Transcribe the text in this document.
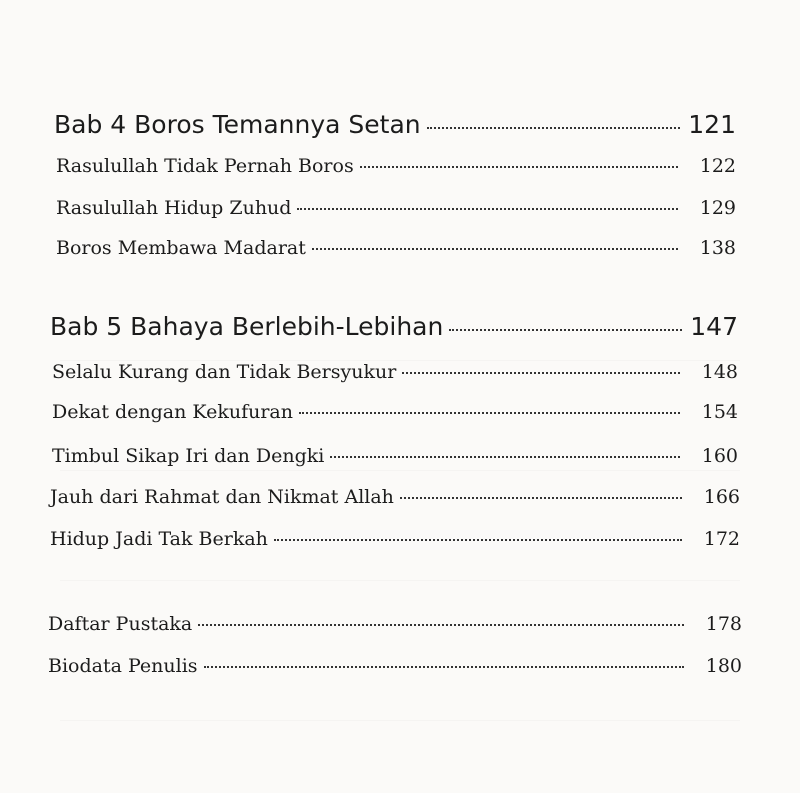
Bab 4 Boros Temannya Setan	121
Rasulullah Tidak Pernah Boros	122
Rasulullah Hidup Zuhud	129
Boros Membawa Madarat	138
Bab 5 Bahaya Berlebih-Lebihan	147
Selalu Kurang dan Tidak Bersyukur	148
Dekat dengan Kekufuran	154
Timbul Sikap Iri dan Dengki	160
Jauh dari Rahmat dan Nikmat Allah	166
Hidup Jadi Tak Berkah	172
Daftar Pustaka	178
Biodata Penulis	180
